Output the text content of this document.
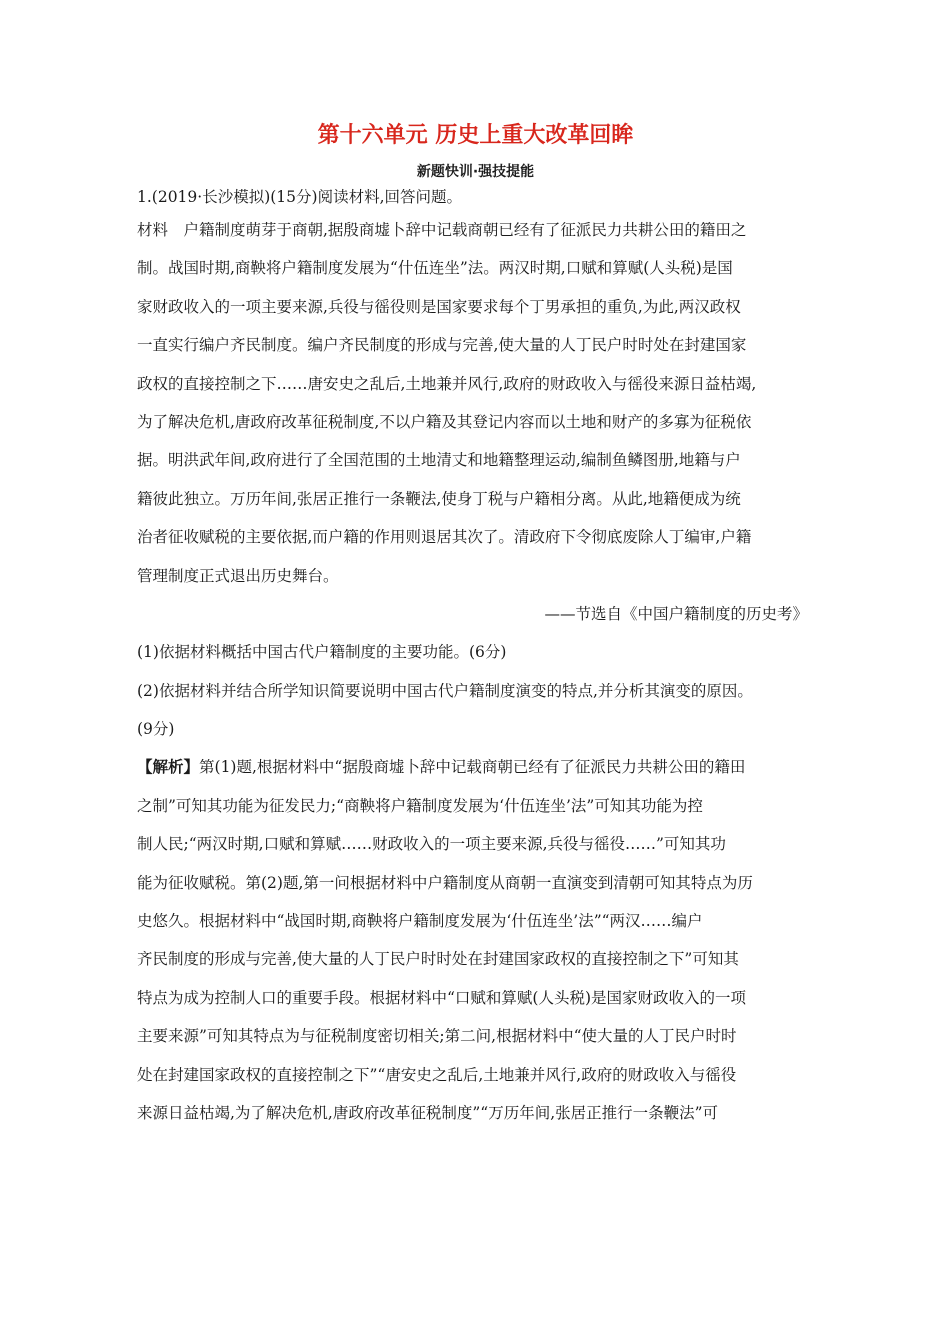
第十六单元 历史上重大改革回眸
新题快训·强技提能
1.(2019·长沙模拟)(15分)阅读材料,回答问题。
材料　户籍制度萌芽于商朝,据殷商墟卜辞中记载商朝已经有了征派民力共耕公田的籍田之
制。战国时期,商鞅将户籍制度发展为“什伍连坐”法。两汉时期,口赋和算赋(人头税)是国
家财政收入的一项主要来源,兵役与徭役则是国家要求每个丁男承担的重负,为此,两汉政权
一直实行编户齐民制度。编户齐民制度的形成与完善,使大量的人丁民户时时处在封建国家
政权的直接控制之下……唐安史之乱后,土地兼并风行,政府的财政收入与徭役来源日益枯竭,
为了解决危机,唐政府改革征税制度,不以户籍及其登记内容而以土地和财产的多寡为征税依
据。明洪武年间,政府进行了全国范围的土地清丈和地籍整理运动,编制鱼鳞图册,地籍与户
籍彼此独立。万历年间,张居正推行一条鞭法,使身丁税与户籍相分离。从此,地籍便成为统
治者征收赋税的主要依据,而户籍的作用则退居其次了。清政府下令彻底废除人丁编审,户籍
管理制度正式退出历史舞台。
——节选自《中国户籍制度的历史考》
(1)依据材料概括中国古代户籍制度的主要功能。(6分)
(2)依据材料并结合所学知识简要说明中国古代户籍制度演变的特点,并分析其演变的原因。
(9分)
【解析】第(1)题,根据材料中“据殷商墟卜辞中记载商朝已经有了征派民力共耕公田的籍田
之制”可知其功能为征发民力;“商鞅将户籍制度发展为‘什伍连坐’法”可知其功能为控
制人民;“两汉时期,口赋和算赋……财政收入的一项主要来源,兵役与徭役……”可知其功
能为征收赋税。第(2)题,第一问根据材料中户籍制度从商朝一直演变到清朝可知其特点为历
史悠久。根据材料中“战国时期,商鞅将户籍制度发展为‘什伍连坐’法”“两汉……编户
齐民制度的形成与完善,使大量的人丁民户时时处在封建国家政权的直接控制之下”可知其
特点为成为控制人口的重要手段。根据材料中“口赋和算赋(人头税)是国家财政收入的一项
主要来源”可知其特点为与征税制度密切相关;第二问,根据材料中“使大量的人丁民户时时
处在封建国家政权的直接控制之下”“唐安史之乱后,土地兼并风行,政府的财政收入与徭役
来源日益枯竭,为了解决危机,唐政府改革征税制度”“万历年间,张居正推行一条鞭法”可
